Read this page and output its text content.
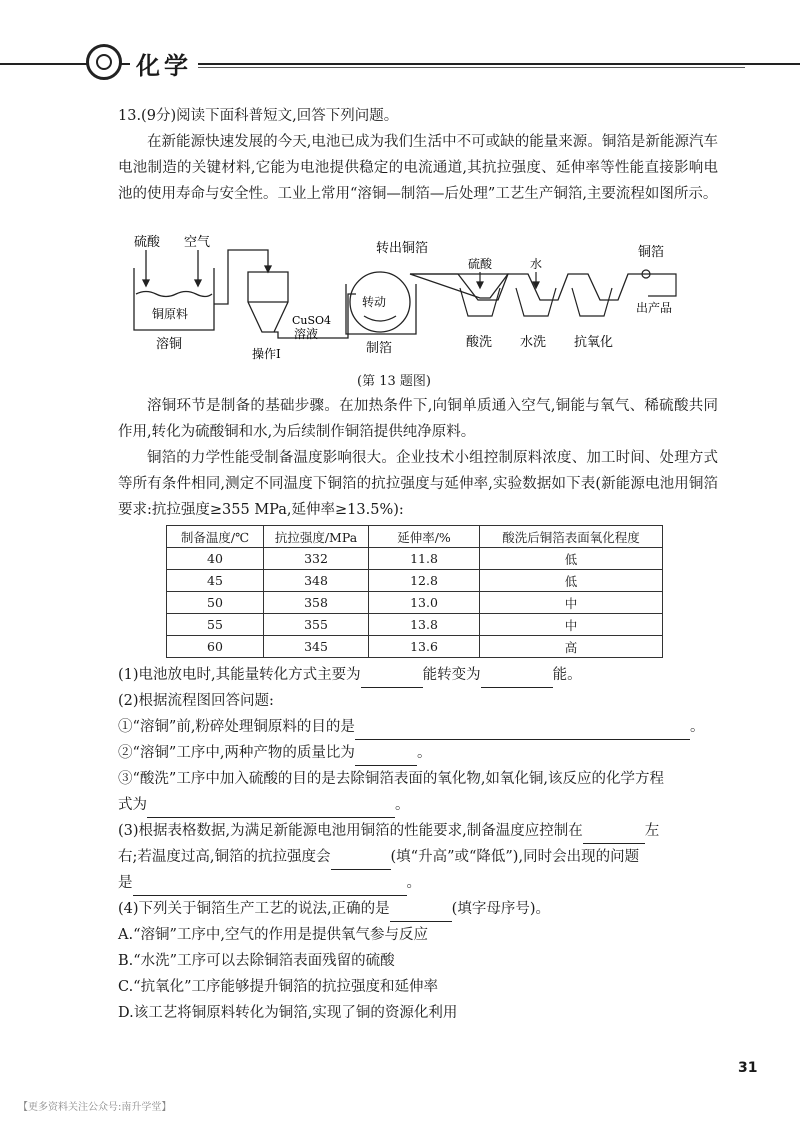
化学
13.(9分)阅读下面科普短文,回答下列问题。
在新能源快速发展的今天,电池已成为我们生活中不可或缺的能量来源。铜箔是新能源汽车电池制造的关键材料,它能为电池提供稳定的电流通道,其抗拉强度、延伸率等性能直接影响电池的使用寿命与安全性。工业上常用“溶铜—制箔—后处理”工艺生产铜箔,主要流程如图所示。
硫酸 空气
铜原料
溶铜
操作Ⅰ
CuSO4
溶液
转动
制箔
转出铜箔
硫酸	水
酸洗 水洗 抗氧化
铜箔
出产品
(第 13 题图)
溶铜环节是制备的基础步骤。在加热条件下,向铜单质通入空气,铜能与氧气、稀硫酸共同作用,转化为硫酸铜和水,为后续制作铜箔提供纯净原料。
铜箔的力学性能受制备温度影响很大。企业技术小组控制原料浓度、加工时间、处理方式等所有条件相同,测定不同温度下铜箔的抗拉强度与延伸率,实验数据如下表(新能源电池用铜箔要求:抗拉强度≥355 MPa,延伸率≥13.5%):
制备温度/℃	抗拉强度/MPa	延伸率/%	酸洗后铜箔表面氧化程度
40	332	11.8	低
45	348	12.8	低
50	358	13.0	中
55	355	13.8	中
60	345	13.6	高
(1)电池放电时,其能量转化方式主要为	能转变为	能。
(2)根据流程图回答问题:
①“溶铜”前,粉碎处理铜原料的目的是	。
②“溶铜”工序中,两种产物的质量比为	。
③“酸洗”工序中加入硫酸的目的是去除铜箔表面的氧化物,如氧化铜,该反应的化学方程
式为	。
(3)根据表格数据,为满足新能源电池用铜箔的性能要求,制备温度应控制在	左
右;若温度过高,铜箔的抗拉强度会	(填“升高”或“降低”),同时会出现的问题
是	。
(4)下列关于铜箔生产工艺的说法,正确的是	(填字母序号)。
A.“溶铜”工序中,空气的作用是提供氧气参与反应
B.“水洗”工序可以去除铜箔表面残留的硫酸
C.“抗氧化”工序能够提升铜箔的抗拉强度和延伸率
D.该工艺将铜原料转化为铜箔,实现了铜的资源化利用
31
【更多资料关注公众号:南升学堂】
